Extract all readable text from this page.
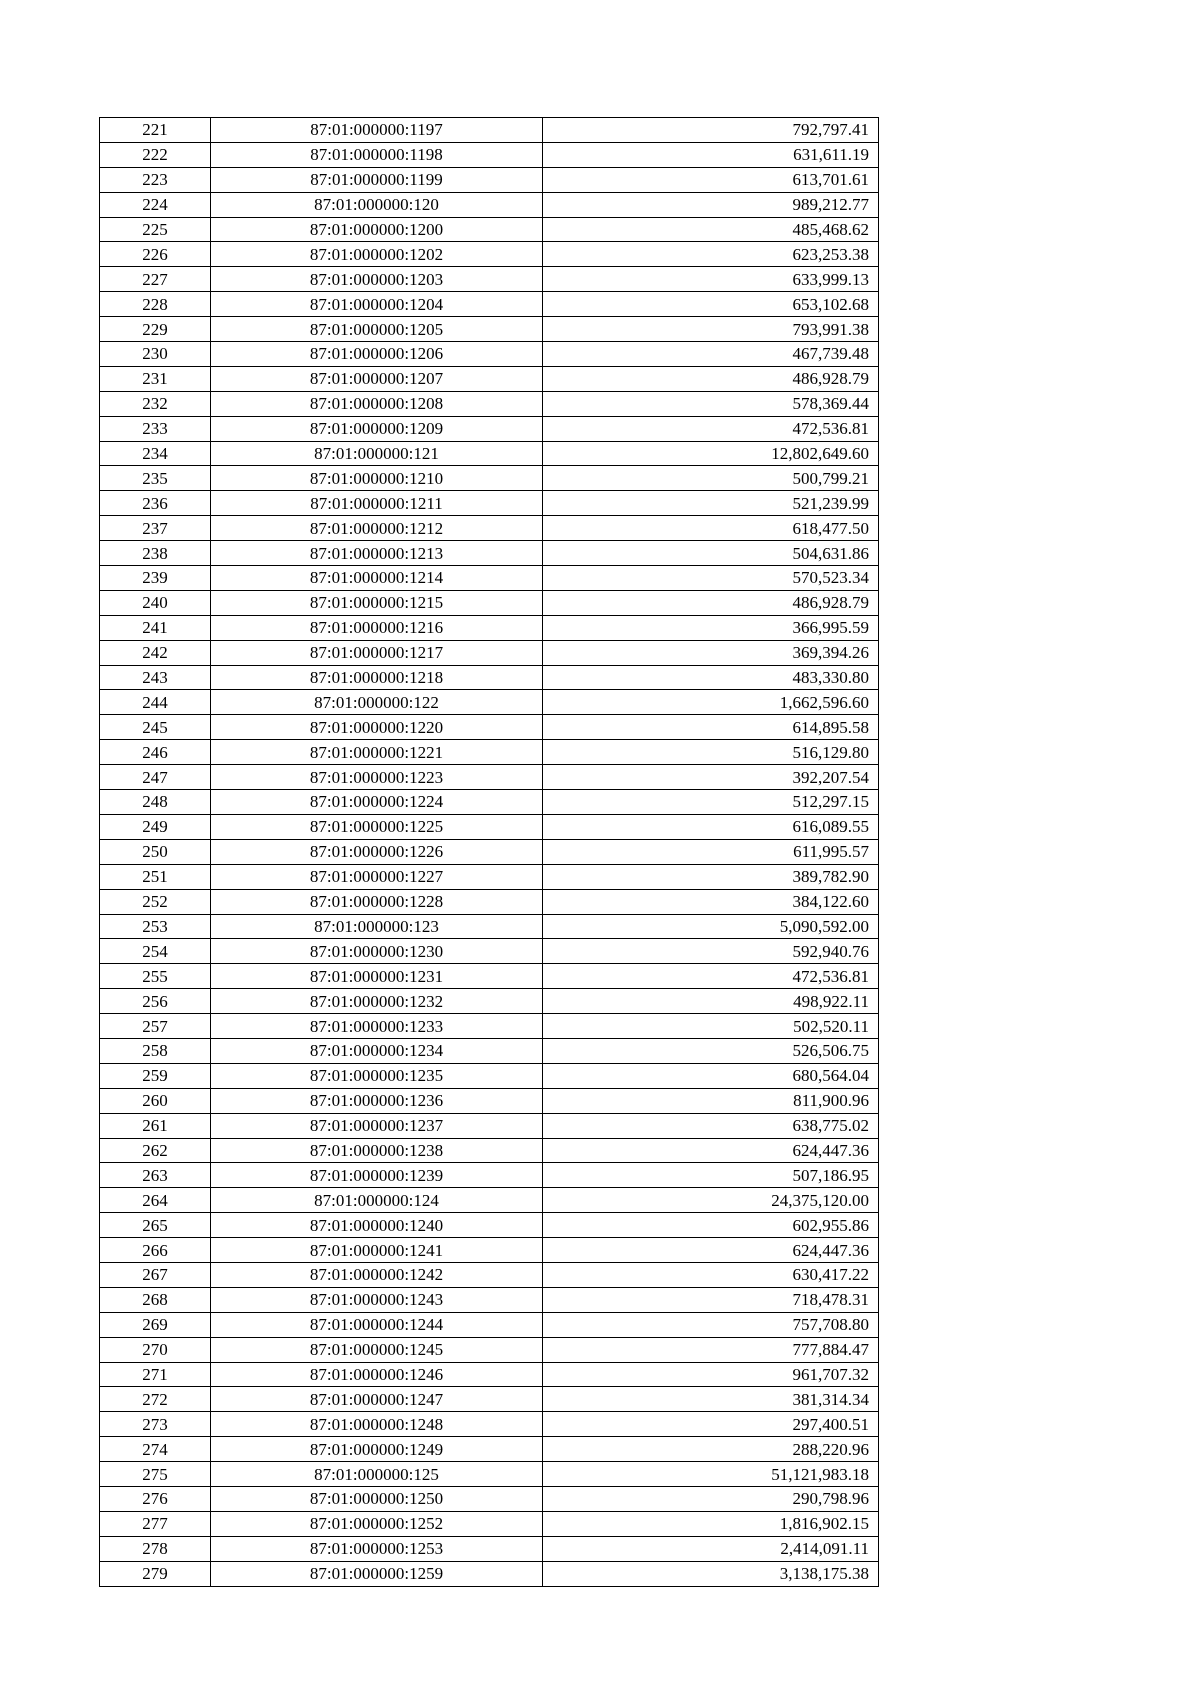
221	87:01:000000:1197	792,797.41
222	87:01:000000:1198	631,611.19
223	87:01:000000:1199	613,701.61
224	87:01:000000:120	989,212.77
225	87:01:000000:1200	485,468.62
226	87:01:000000:1202	623,253.38
227	87:01:000000:1203	633,999.13
228	87:01:000000:1204	653,102.68
229	87:01:000000:1205	793,991.38
230	87:01:000000:1206	467,739.48
231	87:01:000000:1207	486,928.79
232	87:01:000000:1208	578,369.44
233	87:01:000000:1209	472,536.81
234	87:01:000000:121	12,802,649.60
235	87:01:000000:1210	500,799.21
236	87:01:000000:1211	521,239.99
237	87:01:000000:1212	618,477.50
238	87:01:000000:1213	504,631.86
239	87:01:000000:1214	570,523.34
240	87:01:000000:1215	486,928.79
241	87:01:000000:1216	366,995.59
242	87:01:000000:1217	369,394.26
243	87:01:000000:1218	483,330.80
244	87:01:000000:122	1,662,596.60
245	87:01:000000:1220	614,895.58
246	87:01:000000:1221	516,129.80
247	87:01:000000:1223	392,207.54
248	87:01:000000:1224	512,297.15
249	87:01:000000:1225	616,089.55
250	87:01:000000:1226	611,995.57
251	87:01:000000:1227	389,782.90
252	87:01:000000:1228	384,122.60
253	87:01:000000:123	5,090,592.00
254	87:01:000000:1230	592,940.76
255	87:01:000000:1231	472,536.81
256	87:01:000000:1232	498,922.11
257	87:01:000000:1233	502,520.11
258	87:01:000000:1234	526,506.75
259	87:01:000000:1235	680,564.04
260	87:01:000000:1236	811,900.96
261	87:01:000000:1237	638,775.02
262	87:01:000000:1238	624,447.36
263	87:01:000000:1239	507,186.95
264	87:01:000000:124	24,375,120.00
265	87:01:000000:1240	602,955.86
266	87:01:000000:1241	624,447.36
267	87:01:000000:1242	630,417.22
268	87:01:000000:1243	718,478.31
269	87:01:000000:1244	757,708.80
270	87:01:000000:1245	777,884.47
271	87:01:000000:1246	961,707.32
272	87:01:000000:1247	381,314.34
273	87:01:000000:1248	297,400.51
274	87:01:000000:1249	288,220.96
275	87:01:000000:125	51,121,983.18
276	87:01:000000:1250	290,798.96
277	87:01:000000:1252	1,816,902.15
278	87:01:000000:1253	2,414,091.11
279	87:01:000000:1259	3,138,175.38
